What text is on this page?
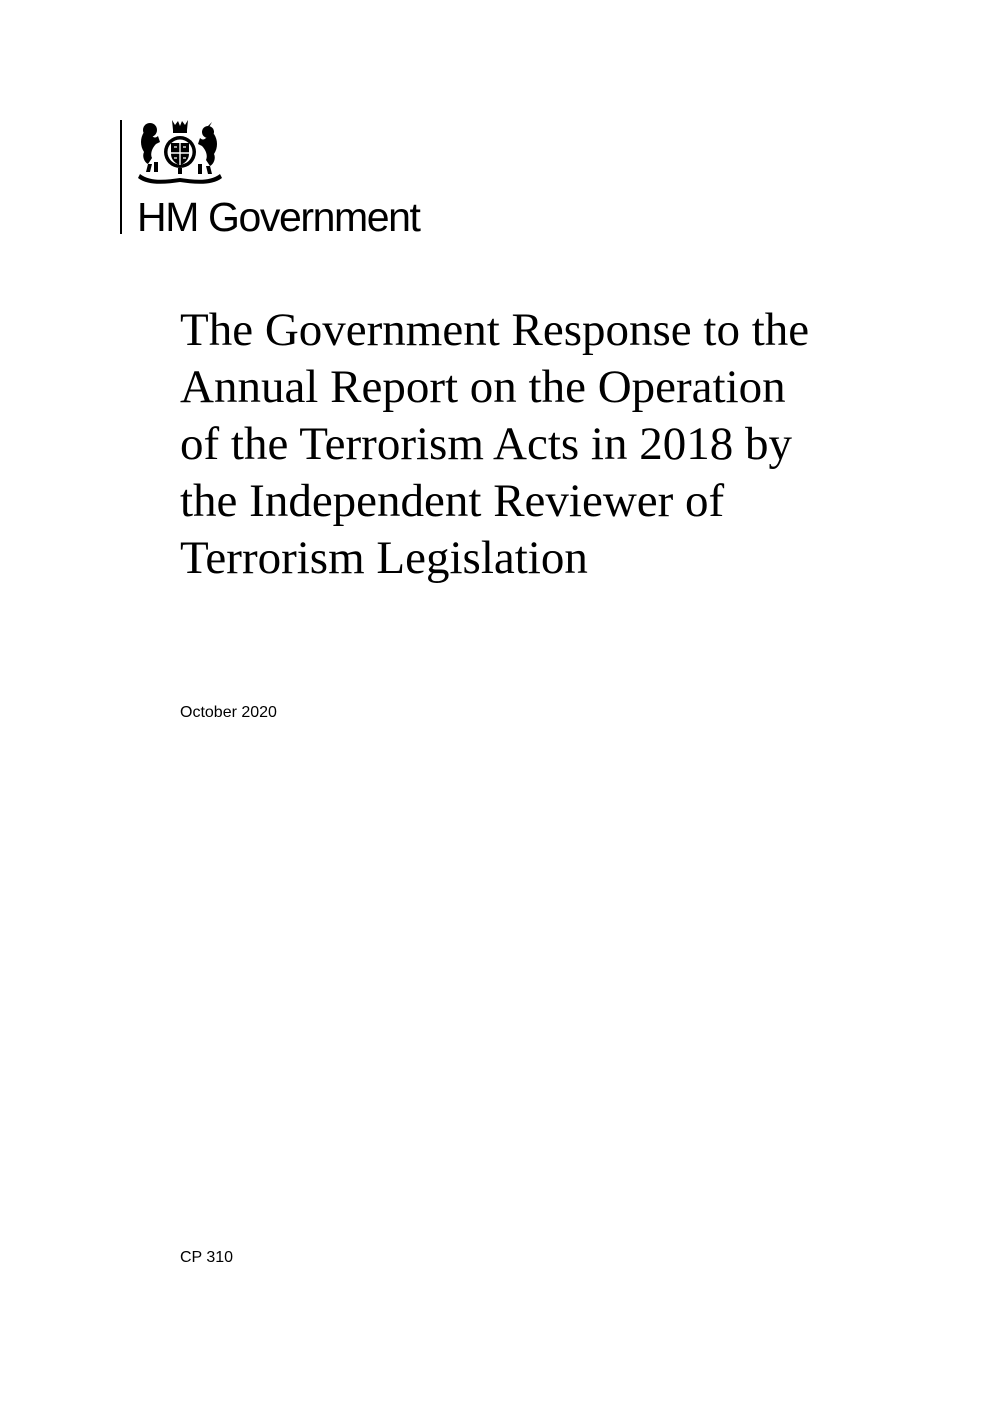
HM Government
The Government Response to the
Annual Report on the Operation
of the Terrorism Acts in 2018 by
the Independent Reviewer of
Terrorism Legislation
October 2020
CP 310
